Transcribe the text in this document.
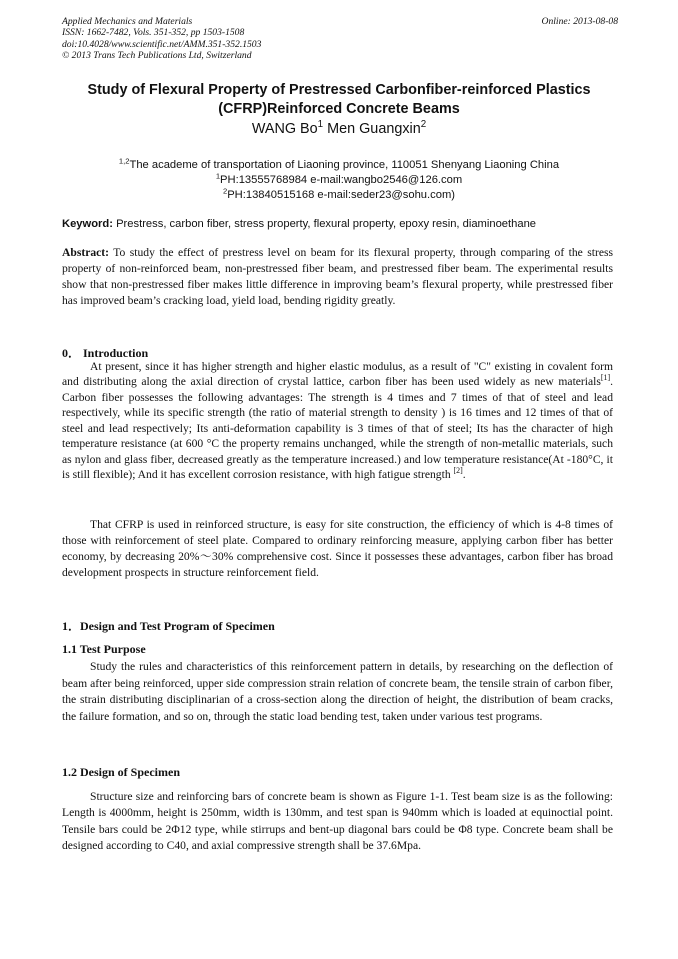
Applied Mechanics and Materials
ISSN: 1662-7482, Vols. 351-352, pp 1503-1508
doi:10.4028/www.scientific.net/AMM.351-352.1503
© 2013 Trans Tech Publications Ltd, Switzerland
Online: 2013-08-08
Study of Flexural Property of Prestressed Carbonfiber-reinforced Plastics (CFRP)Reinforced Concrete Beams
WANG Bo$^1$ Men Guangxin$^2$
$^{1,2}$The academe of transportation of Liaoning province, 110051 Shenyang Liaoning China
$^1$PH:13555768984 e-mail:wangbo2546@126.com
$^2$PH:13840515168 e-mail:seder23@sohu.com)
Keyword: Prestress, carbon fiber, stress property, flexural property, epoxy resin, diaminoethane

Abstract: To study the effect of prestress level on beam for its flexural property, through comparing of the stress property of non-reinforced beam, non-prestressed fiber beam, and prestressed fiber beam. The experimental results show that non-prestressed fiber makes little difference in improving beam’s flexural property, while prestressed fiber has improved beam’s cracking load, yield load, bending rigidity greatly.

0． Introduction

At present, since it has higher strength and higher elastic modulus, as a result of "C" existing in covalent form and distributing along the axial direction of crystal lattice, carbon fiber has been used widely as new materials[1]. Carbon fiber possesses the following advantages: The strength is 4 times and 7 times of that of steel and lead respectively, while its specific strength (the ratio of material strength to density ) is 16 times and 12 times of that of steel and lead respectively; Its anti-deformation capability is 3 times of that of steel; Its has the character of high temperature resistance (at 600 °C the property remains unchanged, while the strength of non-metallic materials, such as nylon and glass fiber, decreased greatly as the temperature increased.) and low temperature resistance(At -180°C, it is still flexible); And it has excellent corrosion resistance, with high fatigue strength [2].

That CFRP is used in reinforced structure, is easy for site construction, the efficiency of which is 4-8 times of those with reinforcement of steel plate. Compared to ordinary reinforcing measure, applying carbon fiber has better economy, by decreasing 20%～30% comprehensive cost. Since it possesses these advantages, carbon fiber has broad development prospects in structure reinforcement field.

1．Design and Test Program of Specimen
1.1 Test Purpose

Study the rules and characteristics of this reinforcement pattern in details, by researching on the deflection of beam after being reinforced, upper side compression strain relation of concrete beam, the tensile strain of carbon fiber, the strain distributing disciplinarian of a cross-section along the direction of height, the distribution of beam cracks, the failure formation, and so on, through the static load bending test, taken under various test programs.

1.2 Design of Specimen

Structure size and reinforcing bars of concrete beam is shown as Figure 1-1. Test beam size is as the following: Length is 4000mm, height is 250mm, width is 130mm, and test span is 940mm which is loaded at equinoctial point. Tensile bars could be 2Φ12 type, while stirrups and bent-up diagonal bars could be Φ8 type. Concrete beam shall be designed according to C40, and axial compressive strength shall be 37.6Mpa.
